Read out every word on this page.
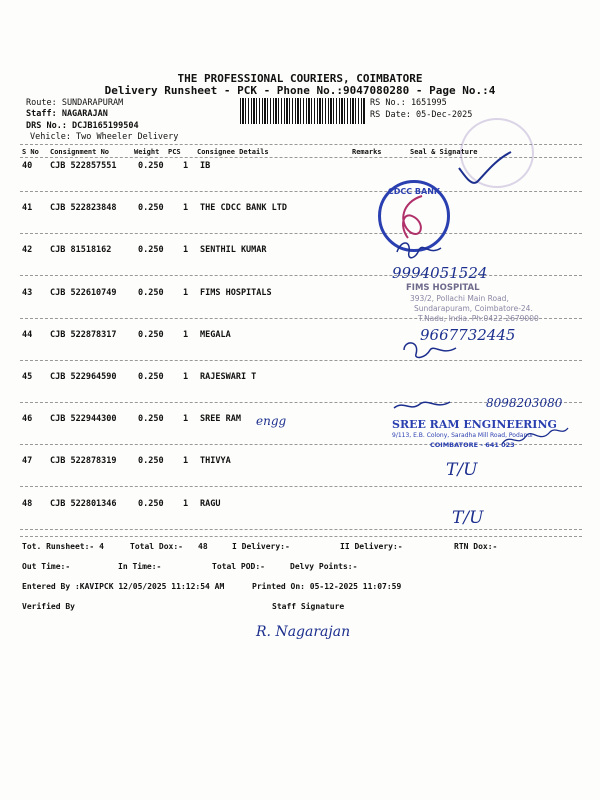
THE PROFESSIONAL COURIERS, COIMBATORE
Delivery Runsheet - PCK - Phone No.:9047080280 - Page No.:4
Route: SUNDARAPURAM
Staff: NAGARAJAN
DRS No.: DCJB165199504
Vehicle: Two Wheeler Delivery
RS No.: 1651995
RS Date: 05-Dec-2025
S No Consignment No	Weight PCS Consignee Details	Remarks	Seal & Signature
40 CJB 522857551	0.250 1 IB
41 CJB 522823848	0.250 1 THE CDCC BANK LTD
42 CJB 81518162	0.250 1 SENTHIL KUMAR
43 CJB 522610749	0.250 1 FIMS HOSPITALS
44 CJB 522878317	0.250 1 MEGALA
45 CJB 522964590	0.250 1 RAJESWARI T
46 CJB 522944300	0.250 1 SREE RAM
47 CJB 522878319	0.250 1 THIVYA
48 CJB 522801346	0.250 1 RAGU
Tot. Runsheet:- 4	Total Dox:- 48	I Delivery:-	II Delivery:-	RTN Dox:-
Out Time:-	In Time:-	Total POD:-	Delvy Points:-
Entered By :KAVIPCK 12/05/2025 11:12:54 AM	Printed On: 05-12-2025 11:07:59
Verified By	Staff Signature
CDCC BANK
9994051524
FIMS HOSPITAL
393/2, Pollachi Main Road,
Sundarapuram, Coimbatore-24.
T.Nadu, India. Ph:0422-2679000
9667732445
8098203080
engg	SREE RAM ENGINEERING
9/113, E.B. Colony, Saradha Mill Road, Podanur
COIMBATORE - 641 023
T/U
T/U
R. Nagarajan
